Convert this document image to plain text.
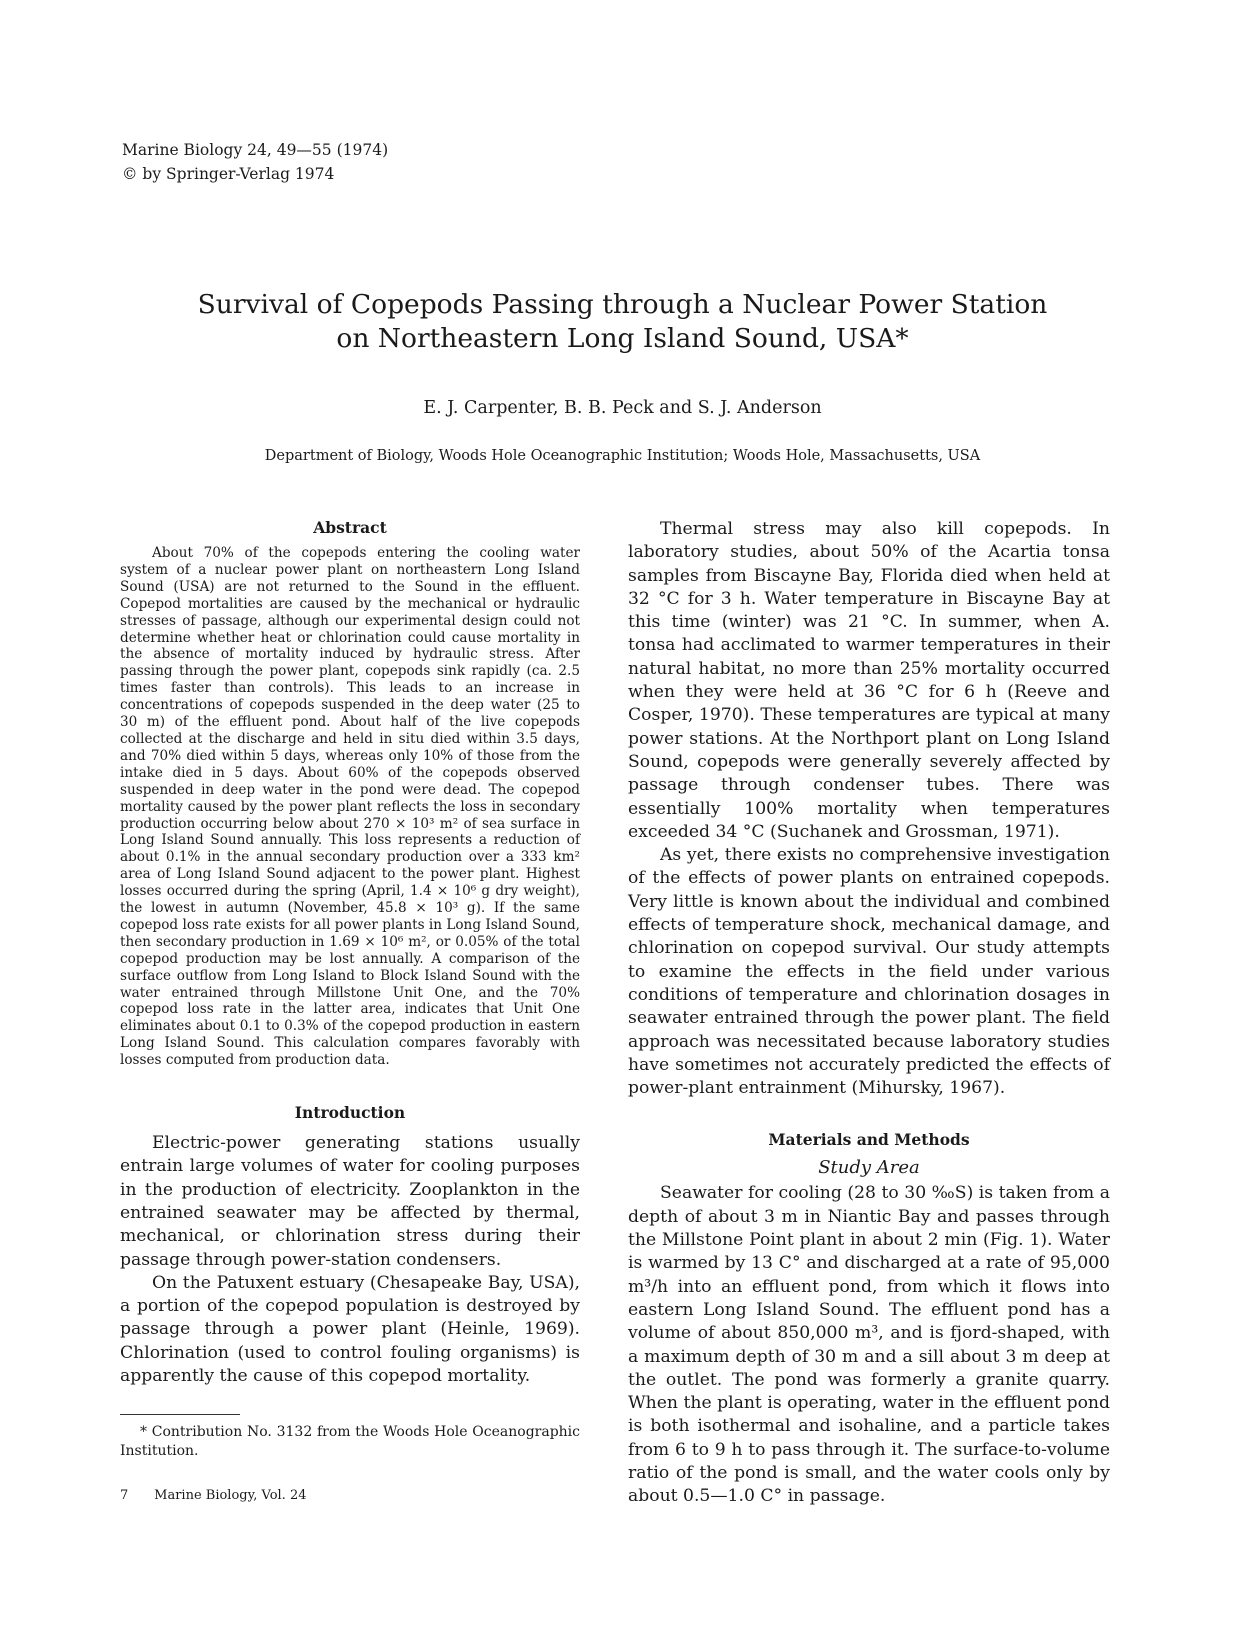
Marine Biology 24, 49—55 (1974)
© by Springer-Verlag 1974
Survival of Copepods Passing through a Nuclear Power Station
on Northeastern Long Island Sound, USA*
E. J. Carpenter, B. B. Peck and S. J. Anderson
Department of Biology, Woods Hole Oceanographic Institution; Woods Hole, Massachusetts, USA
Abstract

About 70% of the copepods entering the cooling water system of a nuclear power plant on northeastern Long Island Sound (USA) are not returned to the Sound in the effluent. Copepod mortalities are caused by the mechanical or hydraulic stresses of passage, although our experimental design could not determine whether heat or chlorination could cause mortality in the absence of mortality induced by hydraulic stress. After passing through the power plant, copepods sink rapidly (ca. 2.5 times faster than controls). This leads to an increase in concentrations of copepods suspended in the deep water (25 to 30 m) of the effluent pond. About half of the live copepods collected at the discharge and held in situ died within 3.5 days, and 70% died within 5 days, whereas only 10% of those from the intake died in 5 days. About 60% of the copepods observed suspended in deep water in the pond were dead. The copepod mortality caused by the power plant reflects the loss in secondary production occurring below about 270 × 10³ m² of sea surface in Long Island Sound annually. This loss represents a reduction of about 0.1% in the annual secondary production over a 333 km² area of Long Island Sound adjacent to the power plant. Highest losses occurred during the spring (April, 1.4 × 10⁶ g dry weight), the lowest in autumn (November, 45.8 × 10³ g). If the same copepod loss rate exists for all power plants in Long Island Sound, then secondary production in 1.69 × 10⁶ m², or 0.05% of the total copepod production may be lost annually. A comparison of the surface outflow from Long Island to Block Island Sound with the water entrained through Millstone Unit One, and the 70% copepod loss rate in the latter area, indicates that Unit One eliminates about 0.1 to 0.3% of the copepod production in eastern Long Island Sound. This calculation compares favorably with losses computed from production data.

Introduction

Electric-power generating stations usually entrain large volumes of water for cooling purposes in the production of electricity. Zooplankton in the entrained seawater may be affected by thermal, mechanical, or chlorination stress during their passage through power-station condensers.

On the Patuxent estuary (Chesapeake Bay, USA), a portion of the copepod population is destroyed by passage through a power plant (Heinle, 1969). Chlorination (used to control fouling organisms) is apparently the cause of this copepod mortality.

* Contribution No. 3132 from the Woods Hole Oceanographic Institution.

7 Marine Biology, Vol. 24

Thermal stress may also kill copepods. In laboratory studies, about 50% of the Acartia tonsa samples from Biscayne Bay, Florida died when held at 32 °C for 3 h. Water temperature in Biscayne Bay at this time (winter) was 21 °C. In summer, when A. tonsa had acclimated to warmer temperatures in their natural habitat, no more than 25% mortality occurred when they were held at 36 °C for 6 h (Reeve and Cosper, 1970). These temperatures are typical at many power stations. At the Northport plant on Long Island Sound, copepods were generally severely affected by passage through condenser tubes. There was essentially 100% mortality when temperatures exceeded 34 °C (Suchanek and Grossman, 1971).

As yet, there exists no comprehensive investigation of the effects of power plants on entrained copepods. Very little is known about the individual and combined effects of temperature shock, mechanical damage, and chlorination on copepod survival. Our study attempts to examine the effects in the field under various conditions of temperature and chlorination dosages in seawater entrained through the power plant. The field approach was necessitated because laboratory studies have sometimes not accurately predicted the effects of power-plant entrainment (Mihursky, 1967).

Materials and Methods
Study Area

Seawater for cooling (28 to 30 ‰S) is taken from a depth of about 3 m in Niantic Bay and passes through the Millstone Point plant in about 2 min (Fig. 1). Water is warmed by 13 C° and discharged at a rate of 95,000 m³/h into an effluent pond, from which it flows into eastern Long Island Sound. The effluent pond has a volume of about 850,000 m³, and is fjord-shaped, with a maximum depth of 30 m and a sill about 3 m deep at the outlet. The pond was formerly a granite quarry. When the plant is operating, water in the effluent pond is both isothermal and isohaline, and a particle takes from 6 to 9 h to pass through it. The surface-to-volume ratio of the pond is small, and the water cools only by about 0.5—1.0 C° in passage.
